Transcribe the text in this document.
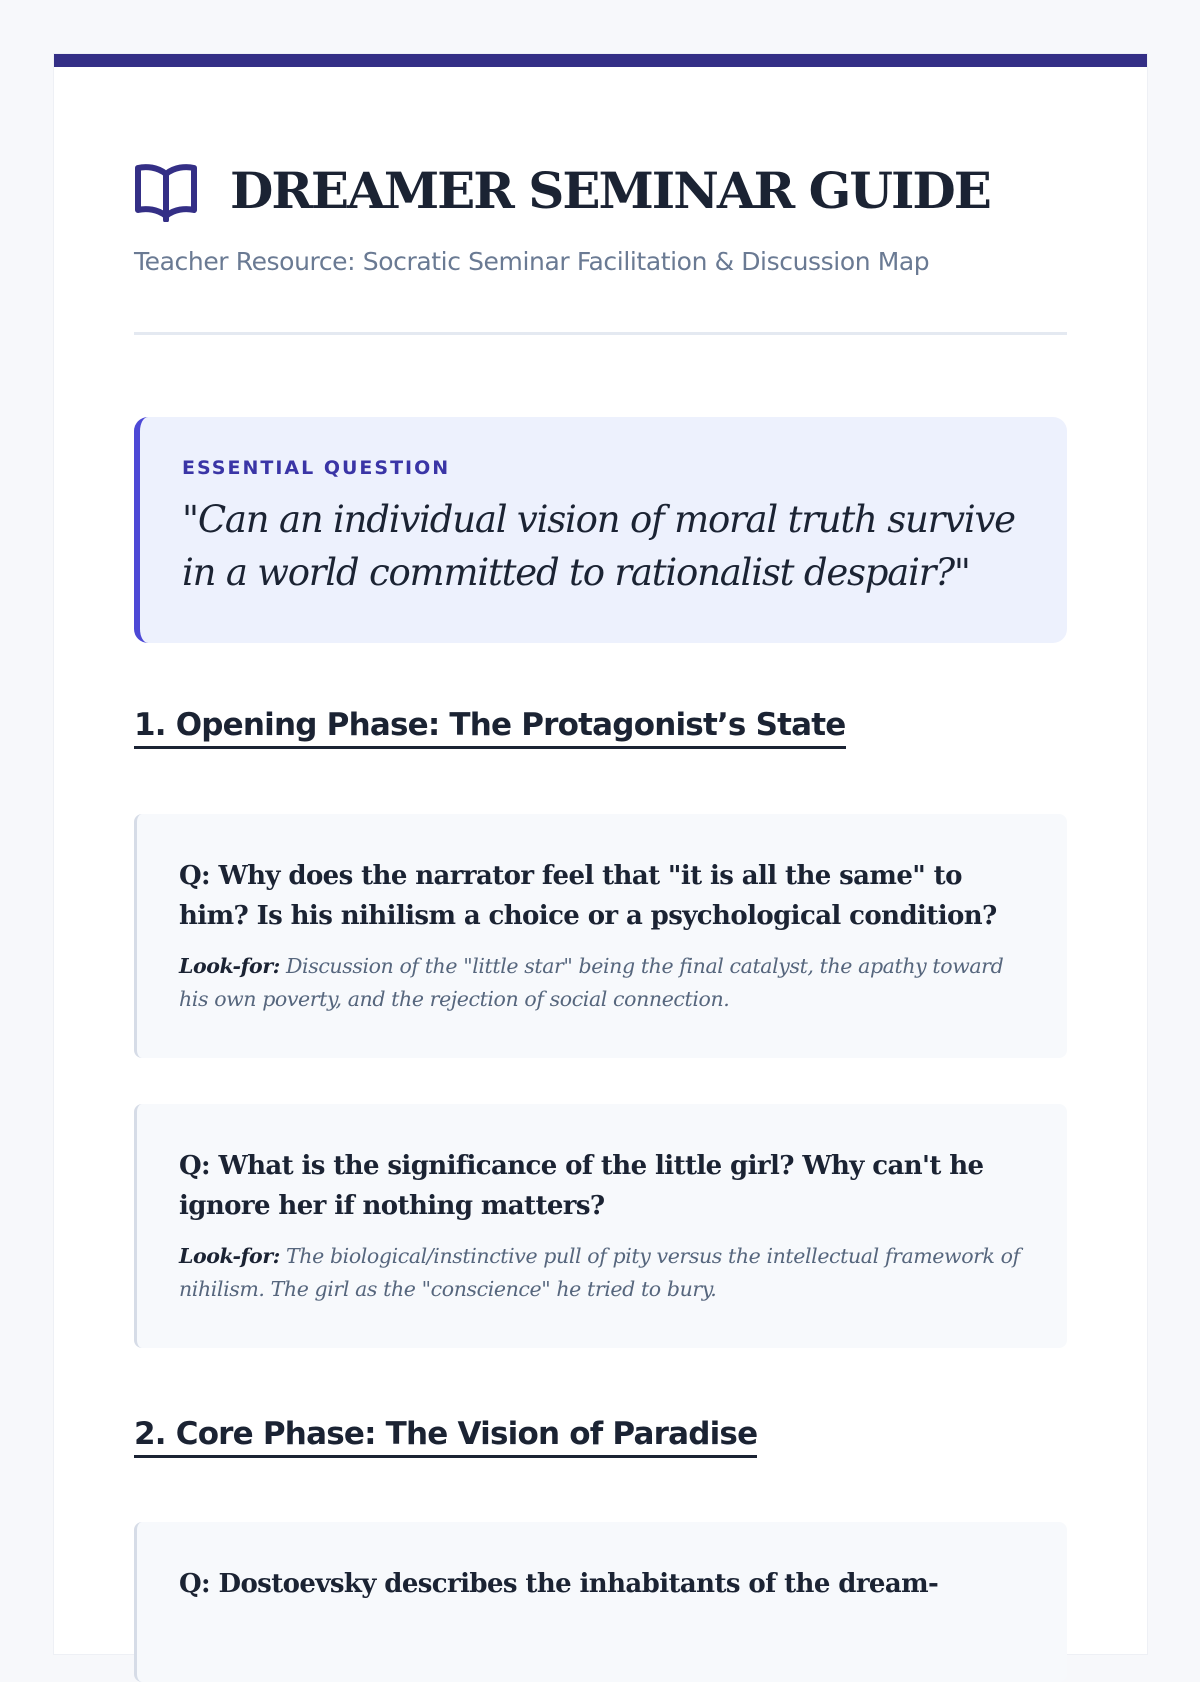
DREAMER SEMINAR GUIDE
Teacher Resource: Socratic Seminar Facilitation & Discussion Map
ESSENTIAL QUESTION
"Can an individual vision of moral truth survive in a world committed to rationalist despair?"
1. Opening Phase: The Protagonist’s State
Q: Why does the narrator feel that "it is all the same" to him? Is his nihilism a choice or a psychological condition?
Look-for: Discussion of the "little star" being the final catalyst, the apathy toward his own poverty, and the rejection of social connection.
Q: What is the significance of the little girl? Why can't he ignore her if nothing matters?
Look-for: The biological/instinctive pull of pity versus the intellectual framework of nihilism. The girl as the "conscience" he tried to bury.
2. Core Phase: The Vision of Paradise
Q: Dostoevsky describes the inhabitants of the dream-
